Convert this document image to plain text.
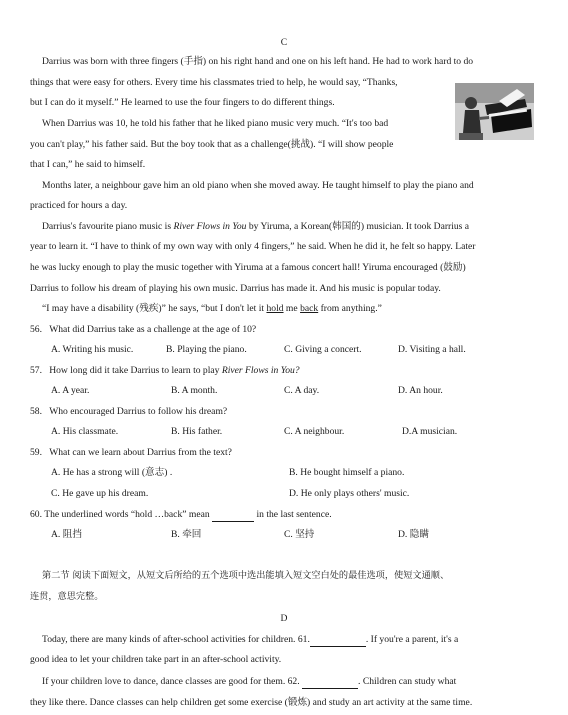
C
Darrius was born with three fingers (手指) on his right hand and one on his left hand. He had to work hard to do
things that were easy for others. Every time his classmates tried to help, he would say, “Thanks,
but I can do it myself.” He learned to use the four fingers to do different things.
When Darrius was 10, he told his father that he liked piano music very much. “It's too bad
you can't play,” his father said. But the boy took that as a challenge(挑战). “I will show people
that I can,” he said to himself.
Months later, a neighbour gave him an old piano when she moved away. He taught himself to play the piano and
practiced for hours a day.
Darrius's favourite piano music is River Flows in You by Yiruma, a Korean(韩国的) musician. It took Darrius a
year to learn it. “I have to think of my own way with only 4 fingers,” he said. When he did it, he felt so happy. Later
he was lucky enough to play the music together with Yiruma at a famous concert hall! Yiruma encouraged (鼓励)
Darrius to follow his dream of playing his own music. Darrius has made it. And his music is popular today.
“I may have a disability (残疾)” he says, “but I don't let it hold me back from anything.”
56. What did Darrius take as a challenge at the age of 10?
A. Writing his music.	B. Playing the piano.	C. Giving a concert.	D. Visiting a hall.
57. How long did it take Darrius to learn to play River Flows in You?
A. A year.	B. A month.	C. A day.	D. An hour.
58. Who encouraged Darrius to follow his dream?
A. His classmate.	B. His father.	C. A neighbour.	D.A musician.
59. What can we learn about Darrius from the text?
A. He has a strong will (意志) .	B. He bought himself a piano.
C. He gave up his dream.	D. He only plays others' music.
60. The underlined words “hold …back” mean	in the last sentence.
A. 阻挡	B. 牵回	C. 坚持	D. 隐瞒
第二节 阅读下面短文，从短文后所给的五个选项中选出能填入短文空白处的最佳选项，使短文通顺、
连贯，意思完整。
D
Today, there are many kinds of after-school activities for children. 61.	. If you're a parent, it's a
good idea to let your children take part in an after-school activity.
If your children love to dance, dance classes are good for them. 62.	. Children can study what
they like there. Dance classes can help children get some exercise (锻炼) and study an art activity at the same time.
